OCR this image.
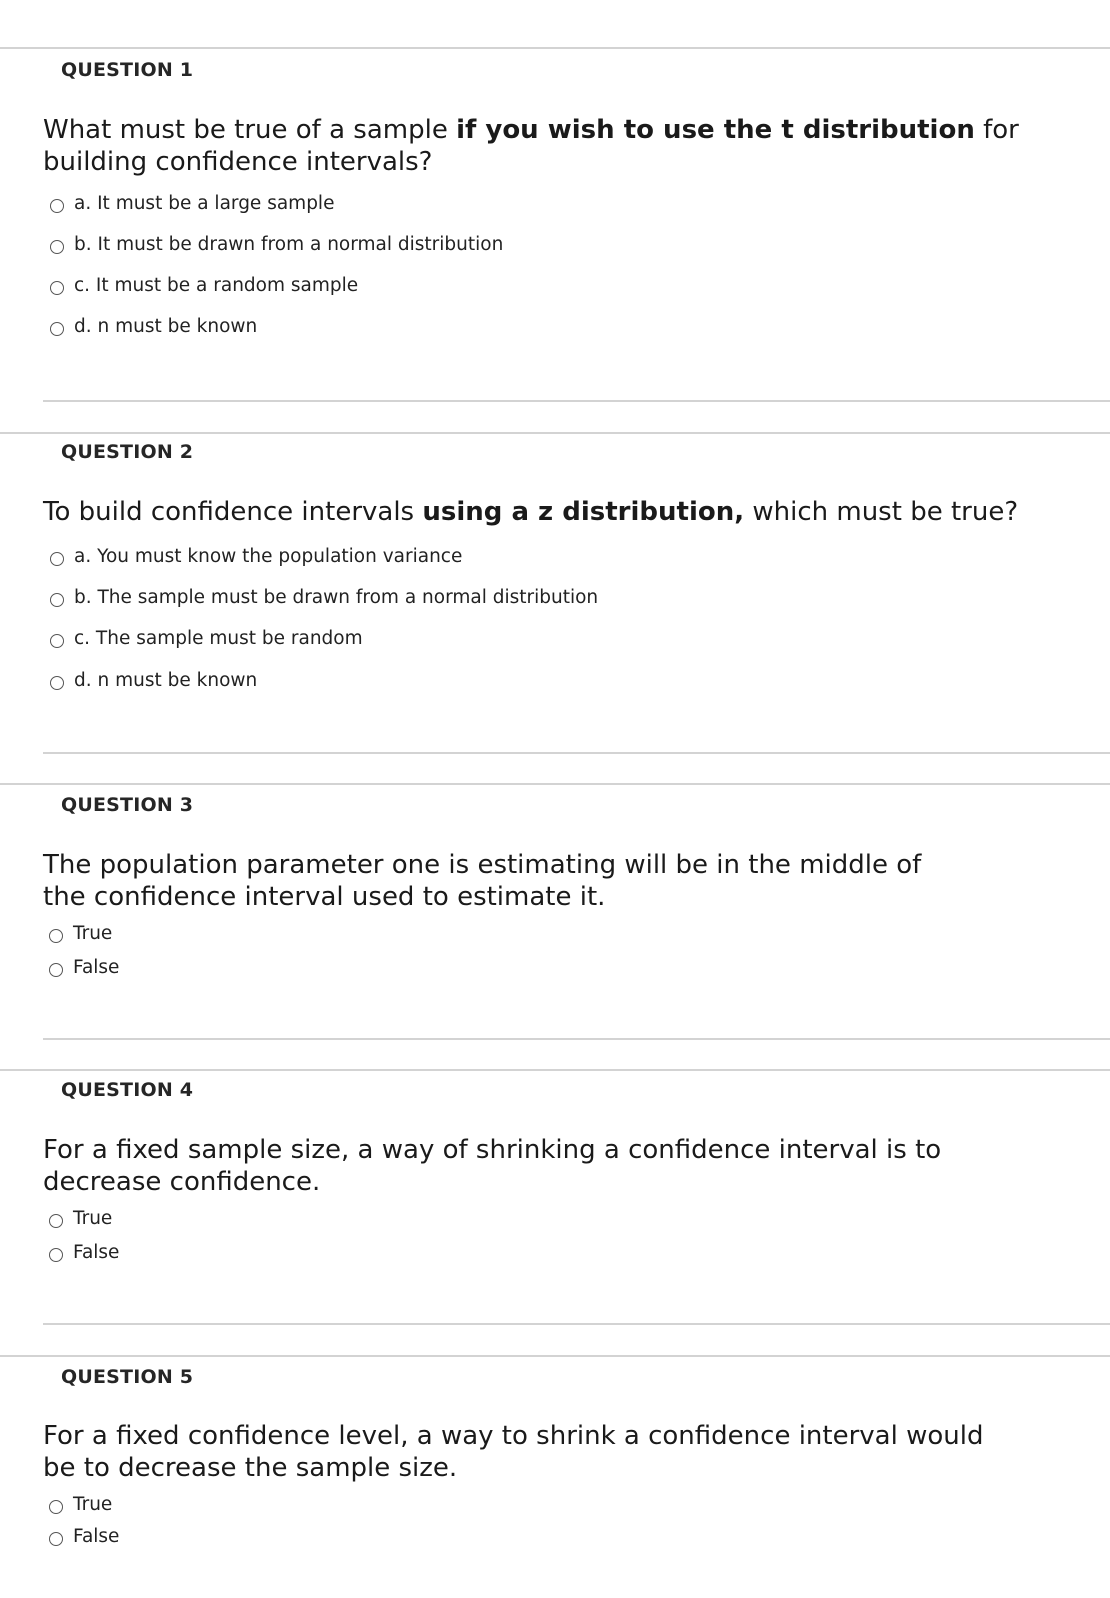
QUESTION 1
What must be true of a sample if you wish to use the t distribution for building confidence intervals?
a. It must be a large sample
b. It must be drawn from a normal distribution
c. It must be a random sample
d. n must be known
QUESTION 2
To build confidence intervals using a z distribution, which must be true?
a. You must know the population variance
b. The sample must be drawn from a normal distribution
c. The sample must be random
d. n must be known
QUESTION 3
The population parameter one is estimating will be in the middle of the confidence interval used to estimate it.
True
False
QUESTION 4
For a fixed sample size, a way of shrinking a confidence interval is to decrease confidence.
True
False
QUESTION 5
For a fixed confidence level, a way to shrink a confidence interval would be to decrease the sample size.
True
False
